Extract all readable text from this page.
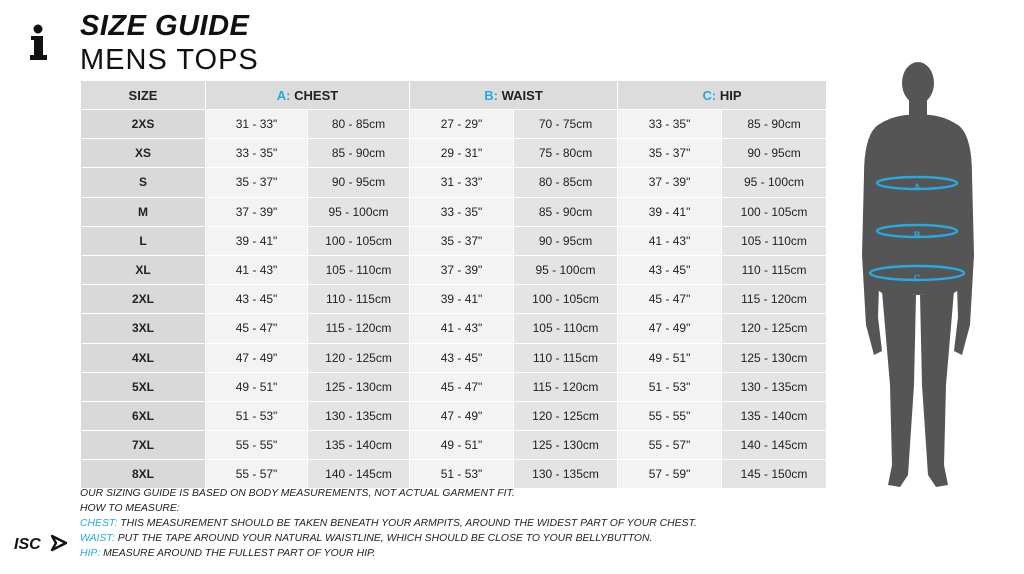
SIZE GUIDE
MENS TOPS
SIZE	A: CHEST		B: WAIST		C: HIP	
2XS	31 - 33"	80 - 85cm	27 - 29"	70 - 75cm	33 - 35"	85 - 90cm
XS	33 - 35"	85 - 90cm	29 - 31"	75 - 80cm	35 - 37"	90 - 95cm
S	35 - 37"	90 - 95cm	31 - 33"	80 - 85cm	37 - 39"	95 - 100cm
M	37 - 39"	95 - 100cm	33 - 35"	85 - 90cm	39 - 41"	100 - 105cm
L	39 - 41"	100 - 105cm	35 - 37"	90 - 95cm	41 - 43"	105 - 110cm
XL	41 - 43"	105 - 110cm	37 - 39"	95 - 100cm	43 - 45"	110 - 115cm
2XL	43 - 45"	110 - 115cm	39 - 41"	100 - 105cm	45 - 47"	115 - 120cm
3XL	45 - 47"	115 - 120cm	41 - 43"	105 - 110cm	47 - 49"	120 - 125cm
4XL	47 - 49"	120 - 125cm	43 - 45"	110 - 115cm	49 - 51"	125 - 130cm
5XL	49 - 51"	125 - 130cm	45 - 47"	115 - 120cm	51 - 53"	130 - 135cm
6XL	51 - 53"	130 - 135cm	47 - 49"	120 - 125cm	55 - 55"	135 - 140cm
7XL	55 - 55"	135 - 140cm	49 - 51"	125 - 130cm	55 - 57"	140 - 145cm
8XL	55 - 57"	140 - 145cm	51 - 53"	130 - 135cm	57 - 59"	145 - 150cm
A
B
C
OUR SIZING GUIDE IS BASED ON BODY MEASUREMENTS, NOT ACTUAL GARMENT FIT.
HOW TO MEASURE:
CHEST: THIS MEASUREMENT SHOULD BE TAKEN BENEATH YOUR ARMPITS, AROUND THE WIDEST PART OF YOUR CHEST.
WAIST: PUT THE TAPE AROUND YOUR NATURAL WAISTLINE, WHICH SHOULD BE CLOSE TO YOUR BELLYBUTTON.
HIP: MEASURE AROUND THE FULLEST PART OF YOUR HIP.
ISC
